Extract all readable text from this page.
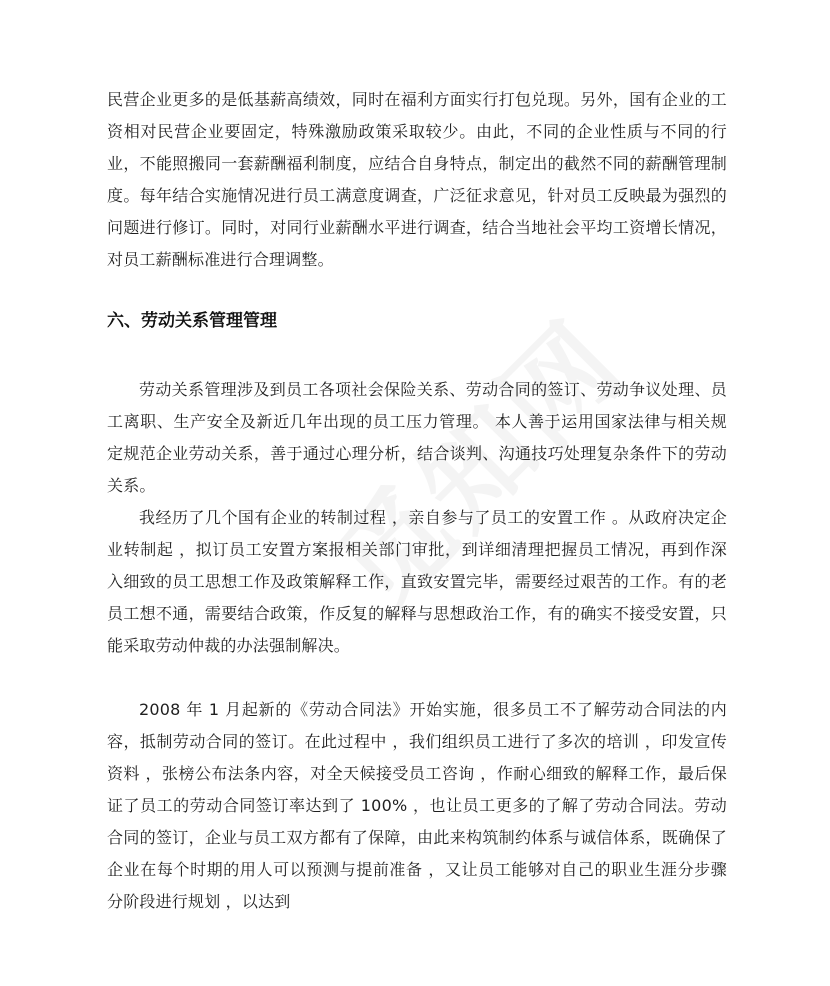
民营企业更多的是低基薪高绩效，同时在福利方面实行打包兑现。另外，国有企业的工资相对民营企业要固定，特殊激励政策采取较少。由此，不同的企业性质与不同的行业，不能照搬同一套薪酬福利制度，应结合自身特点，制定出的截然不同的薪酬管理制度。每年结合实施情况进行员工满意度调查，广泛征求意见，针对员工反映最为强烈的问题进行修订。同时，对同行业薪酬水平进行调查，结合当地社会平均工资增长情况，对员工薪酬标准进行合理调整。

六、劳动关系管理管理

劳动关系管理涉及到员工各项社会保险关系、劳动合同的签订、劳动争议处理、员工离职、生产安全及新近几年出现的员工压力管理。 本人善于运用国家法律与相关规定规范企业劳动关系，善于通过心理分析，结合谈判、沟通技巧处理复杂条件下的劳动关系。

我经历了几个国有企业的转制过程 ，亲自参与了员工的安置工作 。从政府决定企业转制起 ，拟订员工安置方案报相关部门审批，到详细清理把握员工情况，再到作深入细致的员工思想工作及政策解释工作，直致安置完毕，需要经过艰苦的工作。有的老员工想不通，需要结合政策，作反复的解释与思想政治工作，有的确实不接受安置，只能采取劳动仲裁的办法强制解决。

2008 年 1 月起新的《劳动合同法》开始实施，很多员工不了解劳动合同法的内容，抵制劳动合同的签订。在此过程中 ，我们组织员工进行了多次的培训 ，印发宣传资料 ，张榜公布法条内容，对全天候接受员工咨询 ，作耐心细致的解释工作，最后保证了员工的劳动合同签订率达到了 100% ，也让员工更多的了解了劳动合同法。劳动合同的签订，企业与员工双方都有了保障，由此来构筑制约体系与诚信体系，既确保了企业在每个时期的用人可以预测与提前准备 ，又让员工能够对自己的职业生涯分步骤分阶段进行规划 ，以达到
